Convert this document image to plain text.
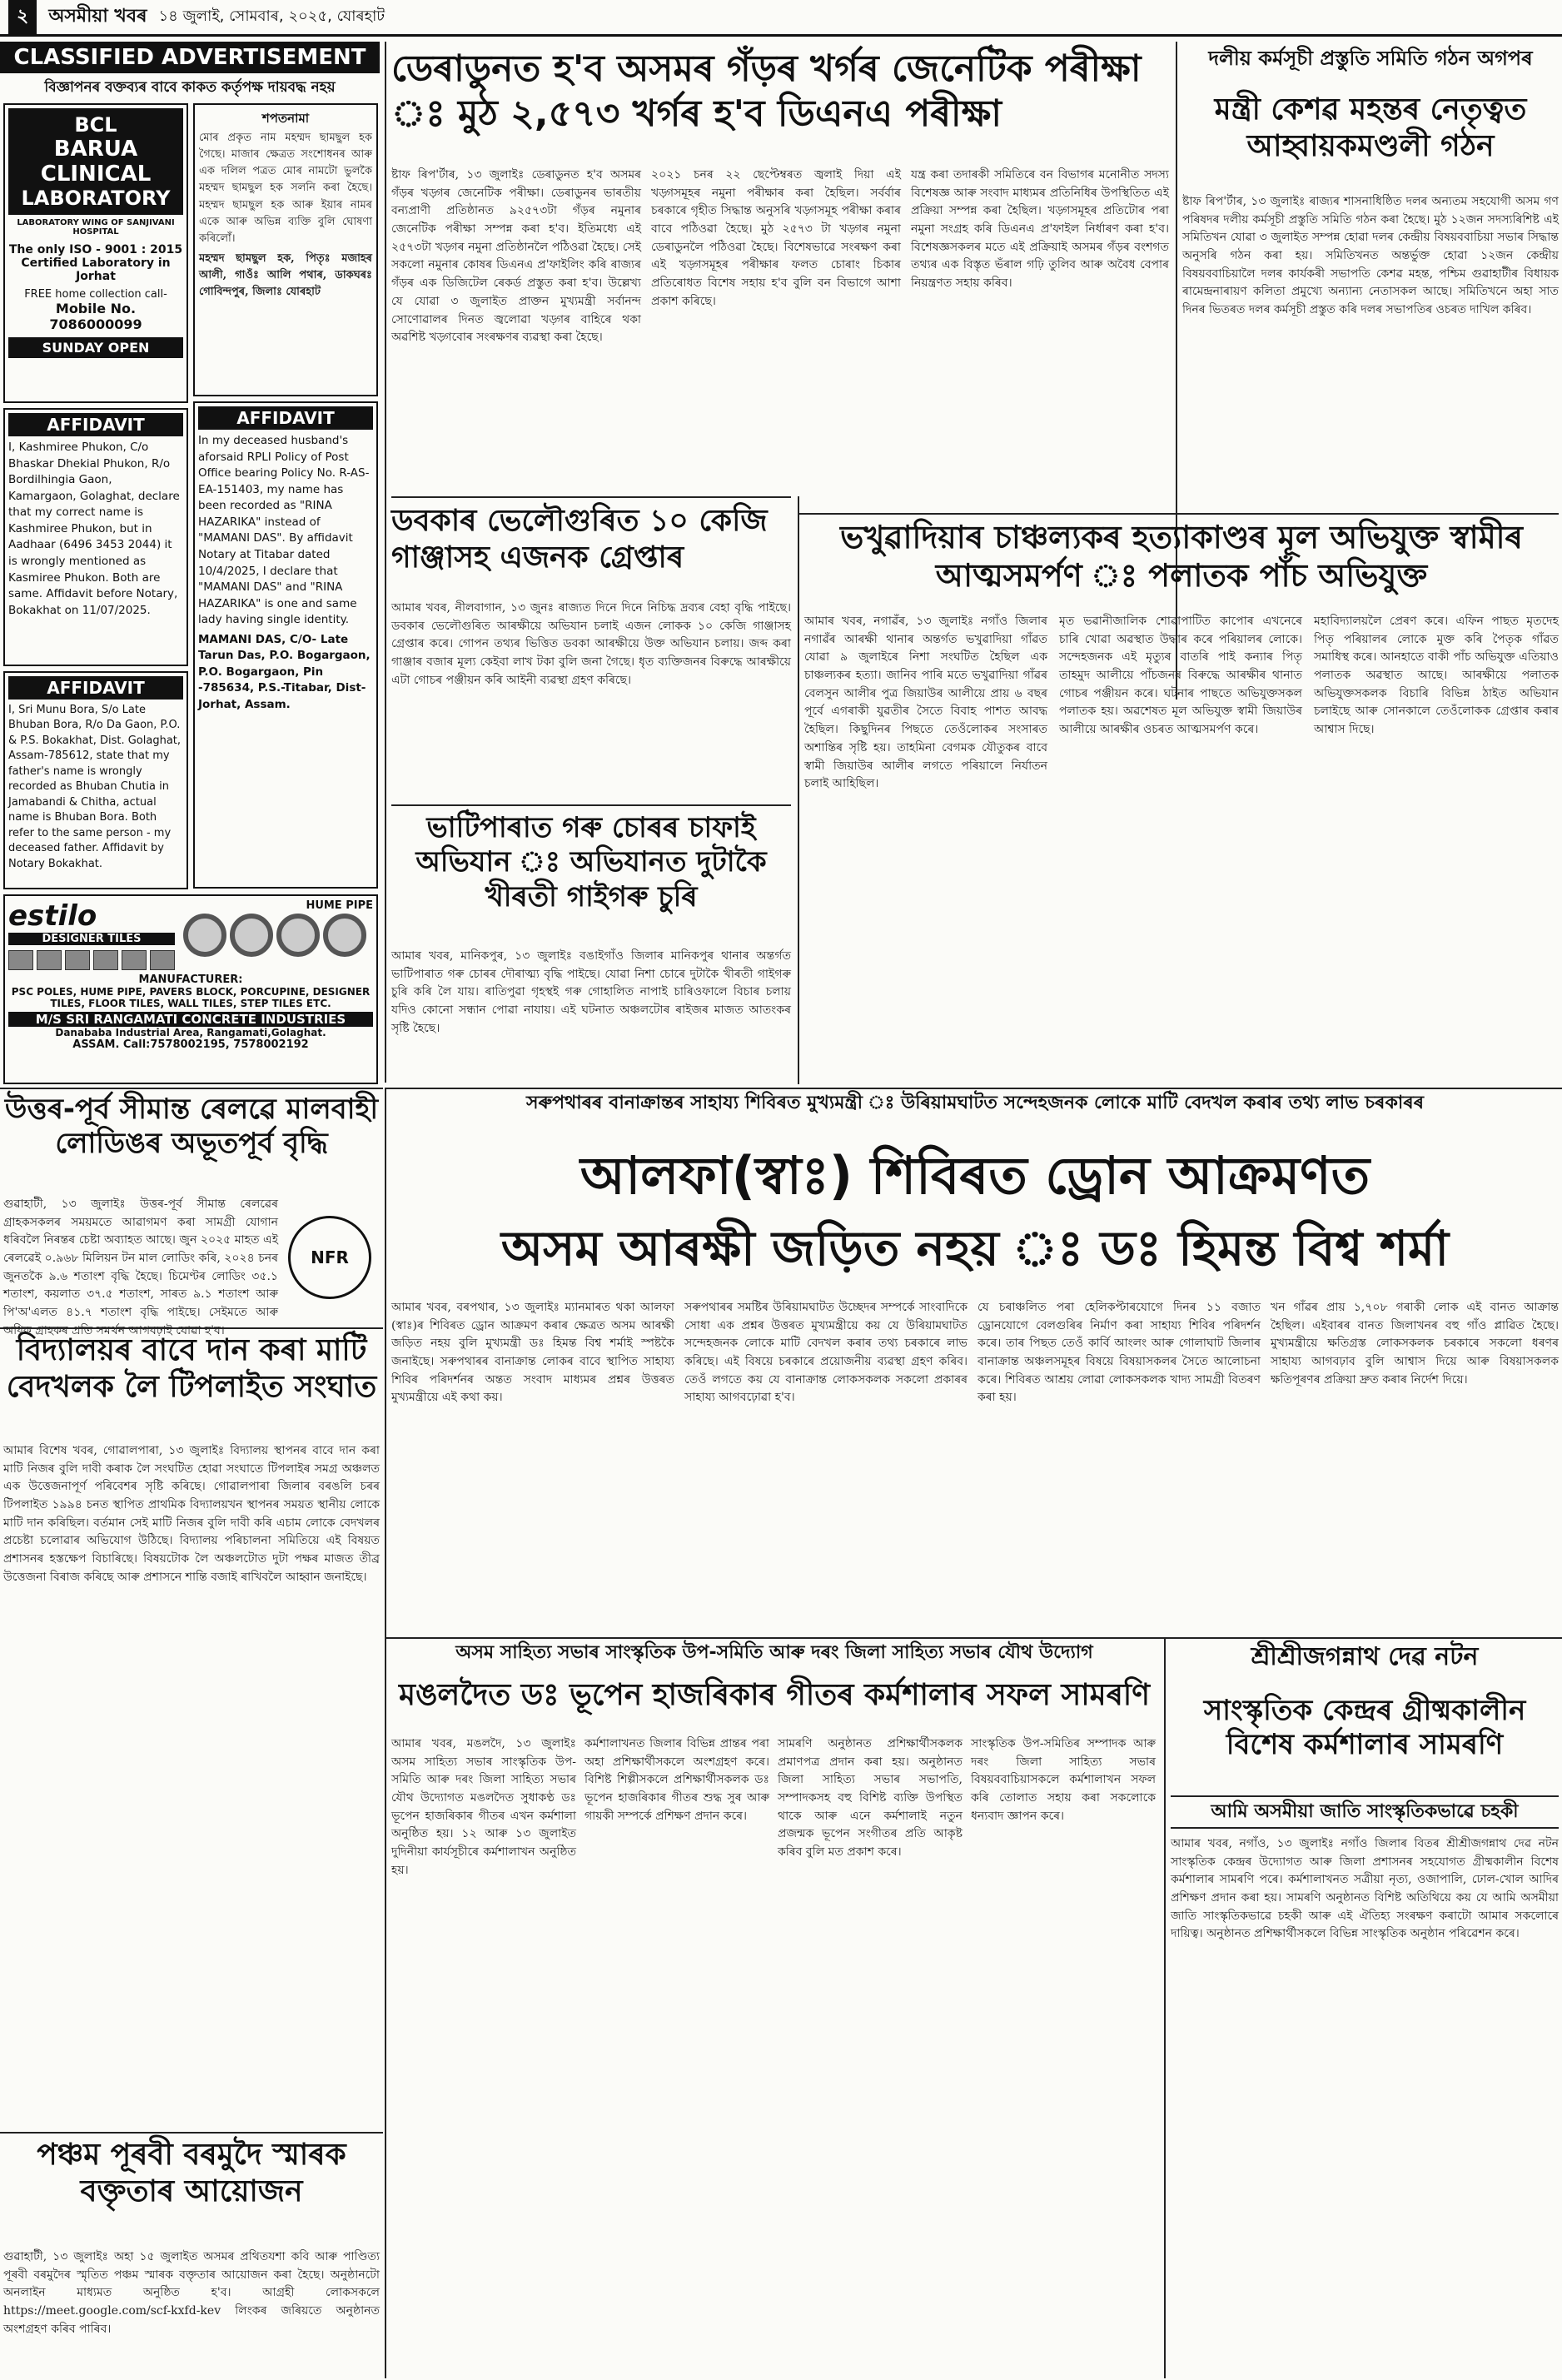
২	অসমীয়া খবৰ ১৪ জুলাই, সোমবাৰ, ২০২৫, যোৰহাট
CLASSIFIED ADVERTISEMENT
বিজ্ঞাপনৰ বক্তব্যৰ বাবে কাকত কৰ্তৃপক্ষ দায়বদ্ধ নহয়
BCL
BARUA
CLINICAL
LABORATORY
LABORATORY WING OF SANJIVANI HOSPITAL
The only ISO - 9001 : 2015
Certified Laboratory in Jorhat
FREE home collection call-
Mobile No. 7086000099
SUNDAY OPEN
শপতনামা
মোৰ প্ৰকৃত নাম মহম্মদ ছামছুল হক গৈছে। মাজাৰ ক্ষেত্ৰত সংশোধনৰ আৰু এক দলিল পত্ৰত মোৰ নামটো ভুলকৈ মহম্মদ ছামছুল হক সলনি কৰা হৈছে। মহম্মদ ছামছুল হক আৰু ইয়াৰ নামৰ একে আৰু অভিন্ন ব্যক্তি বুলি ঘোষণা কৰিলোঁ।
মহম্মদ ছামছুল হক, পিতৃঃ মজাহৰ আলী, গাওঁঃ আলি পথাৰ, ডাকঘৰঃ গোবিন্দপুৰ, জিলাঃ যোৰহাট
AFFIDAVIT
I, Kashmiree Phukon, C/o Bhaskar Dhekial Phukon, R/o Bordilhingia Gaon, Kamargaon, Golaghat, declare that my correct name is Kashmiree Phukon, but in Aadhaar (6496 3453 2044) it is wrongly mentioned as Kasmiree Phukon. Both are same. Affidavit before Notary, Bokakhat on 11/07/2025.
AFFIDAVIT
In my deceased husband's aforsaid RPLI Policy of Post Office bearing Policy No. R-AS-EA-151403, my name has been recorded as "RINA HAZARIKA" instead of "MAMANI DAS". By affidavit Notary at Titabar dated 10/4/2025, I declare that "MAMANI DAS" and "RINA HAZARIKA" is one and same lady having single identity.
MAMANI DAS, C/O- Late Tarun Das, P.O. Bogargaon, P.O. Bogargaon, Pin -785634, P.S.-Titabar, Dist-Jorhat, Assam.
AFFIDAVIT
I, Sri Munu Bora, S/o Late Bhuban Bora, R/o Da Gaon, P.O. & P.S. Bokakhat, Dist. Golaghat, Assam-785612, state that my father's name is wrongly recorded as Bhuban Chutia in Jamabandi & Chitha, actual name is Bhuban Bora. Both refer to the same person - my deceased father. Affidavit by Notary Bokakhat.
estilo
DESIGNER TILES
HUME PIPE
MANUFACTURER:
PSC POLES, HUME PIPE, PAVERS BLOCK, PORCUPINE, DESIGNER TILES, FLOOR TILES, WALL TILES, STEP TILES ETC.
M/S SRI RANGAMATI CONCRETE INDUSTRIES
Danababa Industrial Area, Rangamati,Golaghat.
ASSAM. Call:7578002195, 7578002192
ডেৰাডুনত হ'ব অসমৰ গঁড়ৰ খৰ্গৰ জেনেটিক পৰীক্ষা ঃ মুঠ ২,৫৭৩ খৰ্গৰ হ'ব ডিএনএ পৰীক্ষা
ষ্টাফ ৰিপ'ৰ্টাৰ, ১৩ জুলাইঃ ডেৰাডুনত হ'ব অসমৰ গঁড়ৰ খড়্গৰ জেনেটিক পৰীক্ষা। ডেৰাডুনৰ ভাৰতীয় বন্যপ্ৰাণী প্ৰতিষ্ঠানত ৯২৫৭৩টা গঁড়ৰ নমুনাৰ জেনেটিক পৰীক্ষা সম্পন্ন কৰা হ'ব। ইতিমধ্যে এই ২৫৭৩টা খড়্গৰ নমুনা প্ৰতিষ্ঠানলৈ পঠিওৱা হৈছে। সেই সকলো নমুনাৰ কোষৰ ডিএনএ প্ৰ'ফাইলিং কৰি ৰাজ্যৰ গঁড়ৰ এক ডিজিটেল ৰেকৰ্ড প্ৰস্তুত কৰা হ'ব। উল্লেখ্য যে যোৱা ৩ জুলাইত প্ৰাক্তন মুখ্যমন্ত্ৰী সৰ্বানন্দ সোণোৱালৰ দিনত জ্বলোৱা খড়্গৰ বাহিৰে থকা অৱশিষ্ট খড়্গবোৰ সংৰক্ষণৰ ব্যৱস্থা কৰা হৈছে।
২০২১ চনৰ ২২ ছেপ্টেম্বৰত জ্বলাই দিয়া এই খড়্গসমূহৰ নমুনা পৰীক্ষাৰ কৰা হৈছিল। সৰ্বৰ্বাৰ চৰকাৰে গৃহীত সিদ্ধান্ত অনুসৰি খড়্গসমূহ পৰীক্ষা কৰাৰ বাবে পঠিওৱা হৈছে। মুঠ ২৫৭৩ টা খড়্গৰ নমুনা ডেৰাডুনলৈ পঠিওৱা হৈছে। বিশেষভাৱে সংৰক্ষণ কৰা এই খড়্গসমূহৰ পৰীক্ষাৰ ফলত চোৰাং চিকাৰ প্ৰতিৰোধত বিশেষ সহায় হ'ব বুলি বন বিভাগে আশা প্ৰকাশ কৰিছে।
যন্ত্ৰ কৰা তদাৰকী সমিতিৰে বন বিভাগৰ মনোনীত সদস্য বিশেষজ্ঞ আৰু সংবাদ মাধ্যমৰ প্ৰতিনিধিৰ উপস্থিতিত এই প্ৰক্ৰিয়া সম্পন্ন কৰা হৈছিল। খড়্গসমূহৰ প্ৰতিটোৰ পৰা নমুনা সংগ্ৰহ কৰি ডিএনএ প্ৰ'ফাইল নিৰ্ধাৰণ কৰা হ'ব। বিশেষজ্ঞসকলৰ মতে এই প্ৰক্ৰিয়াই অসমৰ গঁড়ৰ বংশগত তথ্যৰ এক বিস্তৃত ভঁৰাল গঢ়ি তুলিব আৰু অবৈধ বেপাৰ নিয়ন্ত্ৰণত সহায় কৰিব।
দলীয় কৰ্মসূচী প্ৰস্তুতি সমিতি গঠন অগপৰ
মন্ত্ৰী কেশৱ মহন্তৰ নেতৃত্বত আহ্বায়কমণ্ডলী গঠন
ষ্টাফ ৰিপ'ৰ্টাৰ, ১৩ জুলাইঃ ৰাজ্যৰ শাসনাধিষ্ঠিত দলৰ অন্যতম সহযোগী অসম গণ পৰিষদৰ দলীয় কৰ্মসূচী প্ৰস্তুতি সমিতি গঠন কৰা হৈছে। মুঠ ১২জন সদস্যৰিশিষ্ট এই সমিতিখন যোৱা ৩ জুলাইত সম্পন্ন হোৱা দলৰ কেন্দ্ৰীয় বিষয়ববাচিয়া সভাৰ সিদ্ধান্ত অনুসৰি গঠন কৰা হয়। সমিতিখনত অন্তৰ্ভুক্ত হোৱা ১২জন কেন্দ্ৰীয় বিষয়ববাচিয়ালৈ দলৰ কাৰ্যকৰী সভাপতি কেশৱ মহন্ত, পশ্চিম গুৱাহাটীৰ বিধায়ক ৰামেন্দ্ৰনাৰায়ণ কলিতা প্ৰমুখ্যে অন্যান্য নেতাসকল আছে। সমিতিখনে অহা সাত দিনৰ ভিতৰত দলৰ কৰ্মসূচী প্ৰস্তুত কৰি দলৰ সভাপতিৰ ওচৰত দাখিল কৰিব।
ডবকাৰ ভেলৌগুৰিত ১০ কেজি গাঞ্জাসহ এজনক গ্ৰেপ্তাৰ
আমাৰ খবৰ, নীলবাগান, ১৩ জুনঃ ৰাজ্যত দিনে দিনে নিচিদ্ধ দ্ৰব্যৰ বেহা বৃদ্ধি পাইছে। ডবকাৰ ভেলৌগুৰিত আৰক্ষীয়ে অভিযান চলাই এজন লোকক ১০ কেজি গাঞ্জাসহ গ্ৰেপ্তাৰ কৰে। গোপন তথ্যৰ ভিত্তিত ডবকা আৰক্ষীয়ে উক্ত অভিযান চলায়। জব্দ কৰা গাঞ্জাৰ বজাৰ মূল্য কেইবা লাখ টকা বুলি জনা গৈছে। ধৃত ব্যক্তিজনৰ বিৰুদ্ধে আৰক্ষীয়ে এটা গোচৰ পঞ্জীয়ন কৰি আইনী ব্যৱস্থা গ্ৰহণ কৰিছে।
ভাটিপাৰাত গৰু চোৰৰ চাফাই অভিযান ঃ অভিযানত দুটাকৈ খীৰতী গাইগৰু চুৰি
আমাৰ খবৰ, মানিকপুৰ, ১৩ জুলাইঃ বঙাইগাঁও জিলাৰ মানিকপুৰ থানাৰ অন্তৰ্গত ভাটিপাৰাত গৰু চোৰৰ দৌৰাত্ম্য বৃদ্ধি পাইছে। যোৱা নিশা চোৰে দুটাকৈ খীৰতী গাইগৰু চুৰি কৰি লৈ যায়। ৰাতিপুৱা গৃহস্থই গৰু গোহালিত নাপাই চাৰিওফালে বিচাৰ চলায় যদিও কোনো সন্ধান পোৱা নাযায়। এই ঘটনাত অঞ্চলটোৰ ৰাইজৰ মাজত আতংকৰ সৃষ্টি হৈছে।
ভখুৱাদিয়াৰ চাঞ্চল্যকৰ হত্যাকাণ্ডৰ মূল অভিযুক্ত স্বামীৰ আত্মসমৰ্পণ ঃ পলাতক পাঁচ অভিযুক্ত
আমাৰ খবৰ, নগাৱঁৰ, ১৩ জুলাইঃ নগাঁও জিলাৰ নগাৱঁৰ আৰক্ষী থানাৰ অন্তৰ্গত ভখুৱাদিয়া গাঁৱত যোৱা ৯ জুলাইৰে নিশা সংঘটিত হৈছিল এক চাঞ্চল্যকৰ হত্যা। জানিব পাৰি মতে ভখুৱাদিয়া গাঁৱৰ বেলসুন আলীৰ পুত্ৰ জিয়াউৰ আলীয়ে প্ৰায় ৬ বছৰ পূৰ্বে এগৰাকী যুৱতীৰ সৈতে বিবাহ পাশত আবদ্ধ হৈছিল। কিছুদিনৰ পিছতে তেওঁলোকৰ সংসাৰত অশান্তিৰ সৃষ্টি হয়। তাহমিনা বেগমক যৌতুকৰ বাবে স্বামী জিয়াউৰ আলীৰ লগতে পৰিয়ালে নিৰ্যাতন চলাই আহিছিল।
মৃত ভৱানীজালিক শোৱাপাটিত কাপোৰ এখনেৰে চাৰি খোৱা অৱস্থাত উদ্ধাৰ কৰে পৰিয়ালৰ লোকে। সন্দেহজনক এই মৃত্যুৰ বাতৰি পাই কন্যাৰ পিতৃ তাহমুদ আলীয়ে পাঁচজনৰ বিৰুদ্ধে আৰক্ষীৰ থানাত গোচৰ পঞ্জীয়ন কৰে। ঘটনাৰ পাছতে অভিযুক্তসকল পলাতক হয়। অৱশেষত মূল অভিযুক্ত স্বামী জিয়াউৰ আলীয়ে আৰক্ষীৰ ওচৰত আত্মসমৰ্পণ কৰে।
মহাবিদ্যালয়লৈ প্ৰেৰণ কৰে। এফিন পাছত মৃতদেহ পিতৃ পৰিয়ালৰ লোকে মুক্ত কৰি পৈতৃক গাঁৱত সমাধিস্থ কৰে। আনহাতে বাকী পাঁচ অভিযুক্ত এতিয়াও পলাতক অৱস্থাত আছে। আৰক্ষীয়ে পলাতক অভিযুক্তসকলক বিচাৰি বিভিন্ন ঠাইত অভিযান চলাইছে আৰু সোনকালে তেওঁলোকক গ্ৰেপ্তাৰ কৰাৰ আশ্বাস দিছে।
উত্তৰ-পূৰ্ব সীমান্ত ৰেলৱে মালবাহী লোডিঙৰ অভূতপূৰ্ব বৃদ্ধি
গুৱাহাটী, ১৩ জুলাইঃ উত্তৰ-পূৰ্ব সীমান্ত ৰেলৱেৰ গ্ৰাহকসকলৰ সময়মতে আৱাগমণ কৰা সামগ্ৰী যোগান ধৰিবলৈ নিৰন্তৰ চেষ্টা অব্যাহত আছে। জুন ২০২৫ মাহত এই ৰেলৱেই ০.৯৬৮ মিলিয়ন টন মাল লোডিং কৰি, ২০২৪ চনৰ জুনতকৈ ৯.৬ শতাংশ বৃদ্ধি হৈছে। চিমেণ্টৰ লোডিং ৩৫.১ শতাংশ, কয়লাত ৩৭.৫ শতাংশ, সাৰত ৯.১ শতাংশ আৰু পি'অ'এলত ৪১.৭ শতাংশ বৃদ্ধি পাইছে। সেইমতে আৰু অধিক গ্ৰাহকৰ প্ৰতি সমৰ্থন আগবঢ়াই যোৱা হ'ব।
NFR
বিদ্যালয়ৰ বাবে দান কৰা মাটি বেদখলক লৈ টিপলাইত সংঘাত
আমাৰ বিশেষ খবৰ, গোৱালপাৰা, ১৩ জুলাইঃ বিদ্যালয় স্থাপনৰ বাবে দান কৰা মাটি নিজৰ বুলি দাবী কৰাক লৈ সংঘটিত হোৱা সংঘাতে টিপলাইৰ সমগ্ৰ অঞ্চলত এক উত্তেজনাপূৰ্ণ পৰিবেশৰ সৃষ্টি কৰিছে। গোৱালপাৰা জিলাৰ বৰঙলি চৰৰ টিপলাইত ১৯৯৪ চনত স্থাপিত প্ৰাথমিক বিদ্যালয়খন স্থাপনৰ সময়ত স্থানীয় লোকে মাটি দান কৰিছিল। বৰ্তমান সেই মাটি নিজৰ বুলি দাবী কৰি এচাম লোকে বেদখলৰ প্ৰচেষ্টা চলোৱাৰ অভিযোগ উঠিছে। বিদ্যালয় পৰিচালনা সমিতিয়ে এই বিষয়ত প্ৰশাসনৰ হস্তক্ষেপ বিচাৰিছে। বিষয়টোক লৈ অঞ্চলটোত দুটা পক্ষৰ মাজত তীব্ৰ উত্তেজনা বিৰাজ কৰিছে আৰু প্ৰশাসনে শান্তি বজাই ৰাখিবলৈ আহ্বান জনাইছে।
পঞ্চম পূৰবী বৰমুদৈ স্মাৰক বক্তৃতাৰ আয়োজন
গুৱাহাটী, ১৩ জুলাইঃ অহা ১৫ জুলাইত অসমৰ প্ৰথিতযশা কবি আৰু পাণ্ডিত্য পূৰবী বৰমুদৈৰ স্মৃতিত পঞ্চম স্মাৰক বক্তৃতাৰ আয়োজন কৰা হৈছে। অনুষ্ঠানটো অনলাইন মাধ্যমত অনুষ্ঠিত হ'ব। আগ্ৰহী লোকসকলে https://meet.google.com/scf-kxfd-kev লিংকৰ জৰিয়তে অনুষ্ঠানত অংশগ্ৰহণ কৰিব পাৰিব।
সৰুপথাৰৰ বানাক্ৰান্তৰ সাহায্য শিবিৰত মুখ্যমন্ত্ৰী ঃ উৰিয়ামঘাটত সন্দেহজনক লোকে মাটি বেদখল কৰাৰ তথ্য লাভ চৰকাৰৰ
আলফা(স্বাঃ) শিবিৰত ড্ৰোন আক্ৰমণত
অসম আৰক্ষী জড়িত নহয় ঃ ডঃ হিমন্ত বিশ্ব শৰ্মা
আমাৰ খবৰ, বৰপথাৰ, ১৩ জুলাইঃ ম্যানমাৰত থকা আলফা (স্বাঃ)ৰ শিবিৰত ড্ৰোন আক্ৰমণ কৰাৰ ক্ষেত্ৰত অসম আৰক্ষী জড়িত নহয় বুলি মুখ্যমন্ত্ৰী ডঃ হিমন্ত বিশ্ব শৰ্মাই স্পষ্টকৈ জনাইছে। সৰুপথাৰৰ বানাক্ৰান্ত লোকৰ বাবে স্থাপিত সাহায্য শিবিৰ পৰিদৰ্শনৰ অন্তত সংবাদ মাধ্যমৰ প্ৰশ্নৰ উত্তৰত মুখ্যমন্ত্ৰীয়ে এই কথা কয়।
সৰুপথাৰৰ সমষ্টিৰ উৰিয়ামঘাটত উচ্ছেদৰ সম্পৰ্কে সাংবাদিকে সোধা এক প্ৰশ্নৰ উত্তৰত মুখ্যমন্ত্ৰীয়ে কয় যে উৰিয়ামঘাটত সন্দেহজনক লোকে মাটি বেদখল কৰাৰ তথ্য চৰকাৰে লাভ কৰিছে। এই বিষয়ে চৰকাৰে প্ৰয়োজনীয় ব্যৱস্থা গ্ৰহণ কৰিব। তেওঁ লগতে কয় যে বানাক্ৰান্ত লোকসকলক সকলো প্ৰকাৰৰ সাহায্য আগবঢ়োৱা হ'ব।
যে চৰাঞ্চলিত পৰা হেলিকপ্টাৰযোগে দিনৰ ১১ বজাত ড্ৰোনযোগে বেলগুৰিৰ নিৰ্মাণ কৰা সাহায্য শিবিৰ পৰিদৰ্শন কৰে। তাৰ পিছত তেওঁ কাৰ্বি আংলং আৰু গোলাঘাট জিলাৰ বানাক্ৰান্ত অঞ্চলসমূহৰ বিষয়ে বিষয়াসকলৰ সৈতে আলোচনা কৰে। শিবিৰত আশ্ৰয় লোৱা লোকসকলক খাদ্য সামগ্ৰী বিতৰণ কৰা হয়।
খন গাঁৱৰ প্ৰায় ১,৭০৮ গৰাকী লোক এই বানত আক্ৰান্ত হৈছিল। এইবাৰৰ বানত জিলাখনৰ বহু গাঁও প্লাৱিত হৈছে। মুখ্যমন্ত্ৰীয়ে ক্ষতিগ্ৰস্ত লোকসকলক চৰকাৰে সকলো ধৰণৰ সাহায্য আগবঢ়াব বুলি আশ্বাস দিয়ে আৰু বিষয়াসকলক ক্ষতিপূৰণৰ প্ৰক্ৰিয়া দ্ৰুত কৰাৰ নিৰ্দেশ দিয়ে।
অসম সাহিত্য সভাৰ সাংস্কৃতিক উপ-সমিতি আৰু দৰং জিলা সাহিত্য সভাৰ যৌথ উদ্যোগ
মঙলদৈত ডঃ ভূপেন হাজৰিকাৰ গীতৰ কৰ্মশালাৰ সফল সামৰণি
আমাৰ খবৰ, মঙলদৈ, ১৩ জুলাইঃ অসম সাহিত্য সভাৰ সাংস্কৃতিক উপ-সমিতি আৰু দৰং জিলা সাহিত্য সভাৰ যৌথ উদ্যোগত মঙলদৈত সুধাকণ্ঠ ডঃ ভূপেন হাজৰিকাৰ গীতৰ এখন কৰ্মশালা অনুষ্ঠিত হয়। ১২ আৰু ১৩ জুলাইত দুদিনীয়া কাৰ্যসূচীৰে কৰ্মশালাখন অনুষ্ঠিত হয়।
কৰ্মশালাখনত জিলাৰ বিভিন্ন প্ৰান্তৰ পৰা অহা প্ৰশিক্ষাৰ্থীসকলে অংশগ্ৰহণ কৰে। বিশিষ্ট শিল্পীসকলে প্ৰশিক্ষাৰ্থীসকলক ডঃ ভূপেন হাজৰিকাৰ গীতৰ শুদ্ধ সুৰ আৰু গায়কী সম্পৰ্কে প্ৰশিক্ষণ প্ৰদান কৰে।
সামৰণি অনুষ্ঠানত প্ৰশিক্ষাৰ্থীসকলক প্ৰমাণপত্ৰ প্ৰদান কৰা হয়। অনুষ্ঠানত জিলা সাহিত্য সভাৰ সভাপতি, সম্পাদকসহ বহু বিশিষ্ট ব্যক্তি উপস্থিত থাকে আৰু এনে কৰ্মশালাই নতুন প্ৰজন্মক ভূপেন সংগীতৰ প্ৰতি আকৃষ্ট কৰিব বুলি মত প্ৰকাশ কৰে।
সাংস্কৃতিক উপ-সমিতিৰ সম্পাদক আৰু দৰং জিলা সাহিত্য সভাৰ বিষয়ববাচিয়াসকলে কৰ্মশালাখন সফল কৰি তোলাত সহায় কৰা সকলোকে ধন্যবাদ জ্ঞাপন কৰে।
শ্ৰীশ্ৰীজগন্নাথ দেৱ নটন
সাংস্কৃতিক কেন্দ্ৰৰ গ্ৰীষ্মকালীন বিশেষ কৰ্মশালাৰ সামৰণি
আমি অসমীয়া জাতি সাংস্কৃতিকভাৱে চহকী
আমাৰ খবৰ, নগাঁও, ১৩ জুলাইঃ নগাঁও জিলাৰ বিতৰ শ্ৰীশ্ৰীজগন্নাথ দেৱ নটন সাংস্কৃতিক কেন্দ্ৰৰ উদ্যোগত আৰু জিলা প্ৰশাসনৰ সহযোগত গ্ৰীষ্মকালীন বিশেষ কৰ্মশালাৰ সামৰণি পৰে। কৰ্মশালাখনত সত্ৰীয়া নৃত্য, ওজাপালি, ঢোল-খোল আদিৰ প্ৰশিক্ষণ প্ৰদান কৰা হয়। সামৰণি অনুষ্ঠানত বিশিষ্ট অতিথিয়ে কয় যে আমি অসমীয়া জাতি সাংস্কৃতিকভাৱে চহকী আৰু এই ঐতিহ্য সংৰক্ষণ কৰাটো আমাৰ সকলোৰে দায়িত্ব। অনুষ্ঠানত প্ৰশিক্ষাৰ্থীসকলে বিভিন্ন সাংস্কৃতিক অনুষ্ঠান পৰিৱেশন কৰে।
